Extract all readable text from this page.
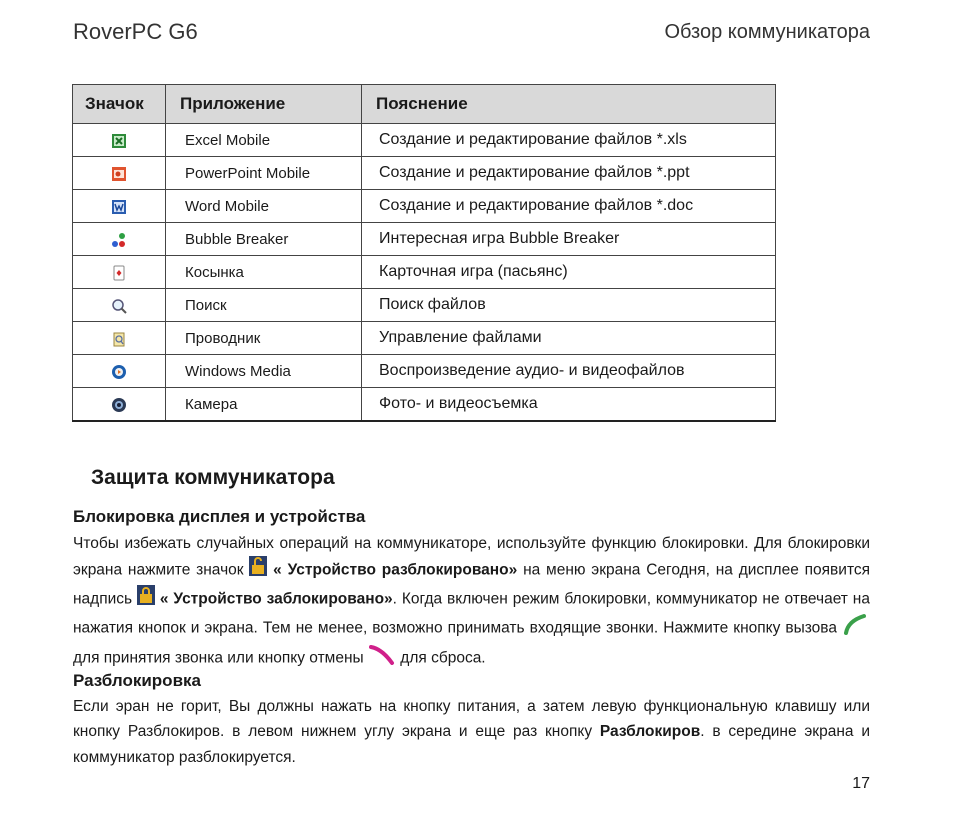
RoverPC G6	Обзор коммуникатора
Значок	Приложение	Пояснение
	Excel Mobile	Создание и редактирование файлов *.xls
	PowerPoint Mobile	Создание и редактирование файлов *.ppt
	Word Mobile	Создание и редактирование файлов *.doc
	Bubble Breaker	Интересная игра Bubble Breaker
	Косынка	Карточная игра (пасьянс)
	Поиск	Поиск файлов
	Проводник	Управление файлами
	Windows Media	Воспроизведение аудио- и видеофайлов
	Камера	Фото- и видеосъемка
Защита коммуникатора
Блокировка дисплея и устройства
Чтобы избежать случайных операций на коммуникаторе, используйте функцию блокировки. Для блокировки экрана нажмите значок « Устройство разблокировано» на меню экрана Сегодня, на дисплее появится надпись « Устройство заблокировано». Когда включен режим блокировки, коммуникатор не отвечает на нажатия кнопок и экрана. Тем не менее, возможно принимать входящие звонки. Нажмите кнопку вызова  для принятия звонка или кнопку отмены для сброса.
Разблокировка
Если эран не горит, Вы должны нажать на кнопку питания, а затем левую функциональную клавишу или кнопку Разблокиров. в левом нижнем углу экрана и еще раз кнопку Разблокиров. в середине экрана и коммуникатор разблокируется.
17
